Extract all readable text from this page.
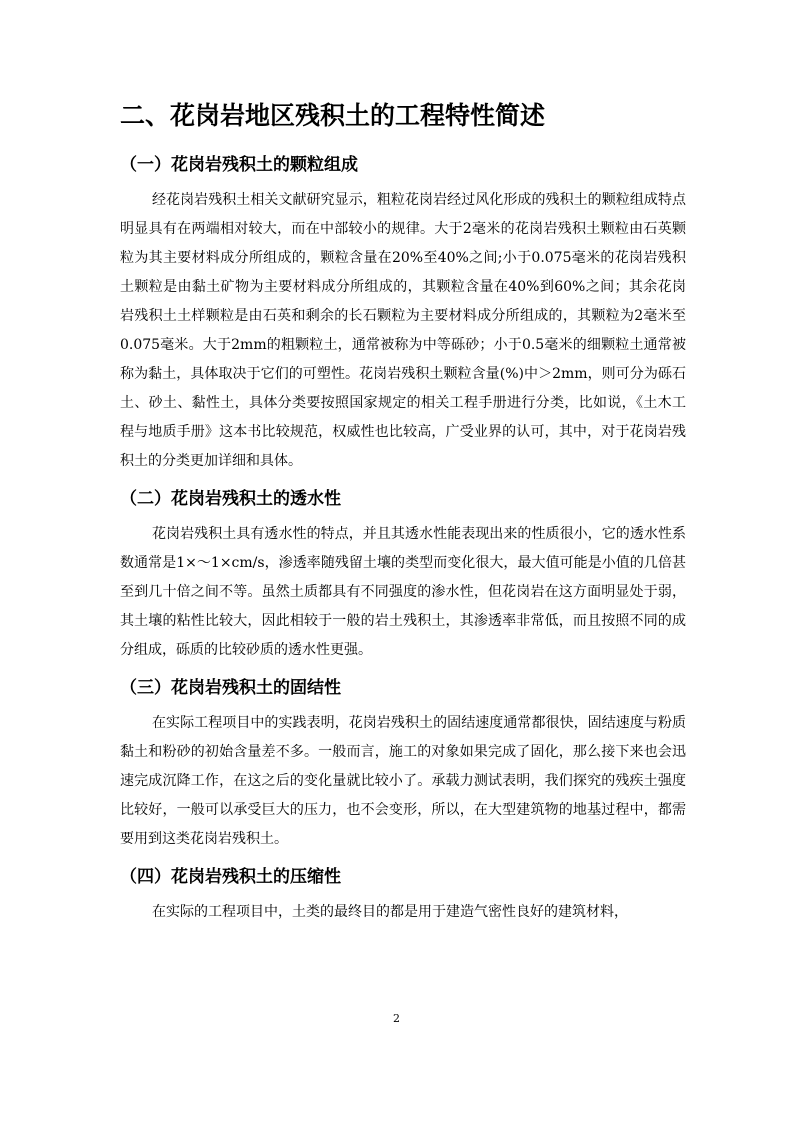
二、花岗岩地区残积土的工程特性简述
（一）花岗岩残积土的颗粒组成

经花岗岩残积土相关文献研究显示，粗粒花岗岩经过风化形成的残积土的颗粒组成特点明显具有在两端相对较大，而在中部较小的规律。大于2毫米的花岗岩残积土颗粒由石英颗粒为其主要材料成分所组成的，颗粒含量在20%至40%之间;小于0.075毫米的花岗岩残积土颗粒是由黏土矿物为主要材料成分所组成的，其颗粒含量在40%到60%之间；其余花岗岩残积土土样颗粒是由石英和剩余的长石颗粒为主要材料成分所组成的，其颗粒为2毫米至0.075毫米。大于2mm的粗颗粒土，通常被称为中等砾砂；小于0.5毫米的细颗粒土通常被称为黏土，具体取决于它们的可塑性。花岗岩残积土颗粒含量(%)中＞2mm，则可分为砾石土、砂土、黏性土，具体分类要按照国家规定的相关工程手册进行分类，比如说，《土木工程与地质手册》这本书比较规范，权威性也比较高，广受业界的认可，其中，对于花岗岩残积土的分类更加详细和具体。

（二）花岗岩残积土的透水性

花岗岩残积土具有透水性的特点，并且其透水性能表现出来的性质很小，它的透水性系数通常是1×～1×cm/s，渗透率随残留土壤的类型而变化很大，最大值可能是小值的几倍甚至到几十倍之间不等。虽然土质都具有不同强度的渗水性，但花岗岩在这方面明显处于弱，其土壤的粘性比较大，因此相较于一般的岩土残积土，其渗透率非常低，而且按照不同的成分组成，砾质的比较砂质的透水性更强。

（三）花岗岩残积土的固结性

在实际工程项目中的实践表明，花岗岩残积土的固结速度通常都很快，固结速度与粉质黏土和粉砂的初始含量差不多。一般而言，施工的对象如果完成了固化，那么接下来也会迅速完成沉降工作，在这之后的变化量就比较小了。承载力测试表明，我们探究的残疾土强度比较好，一般可以承受巨大的压力，也不会变形，所以，在大型建筑物的地基过程中，都需要用到这类花岗岩残积土。

（四）花岗岩残积土的压缩性

在实际的工程项目中，土类的最终目的都是用于建造气密性良好的建筑材料，

2
